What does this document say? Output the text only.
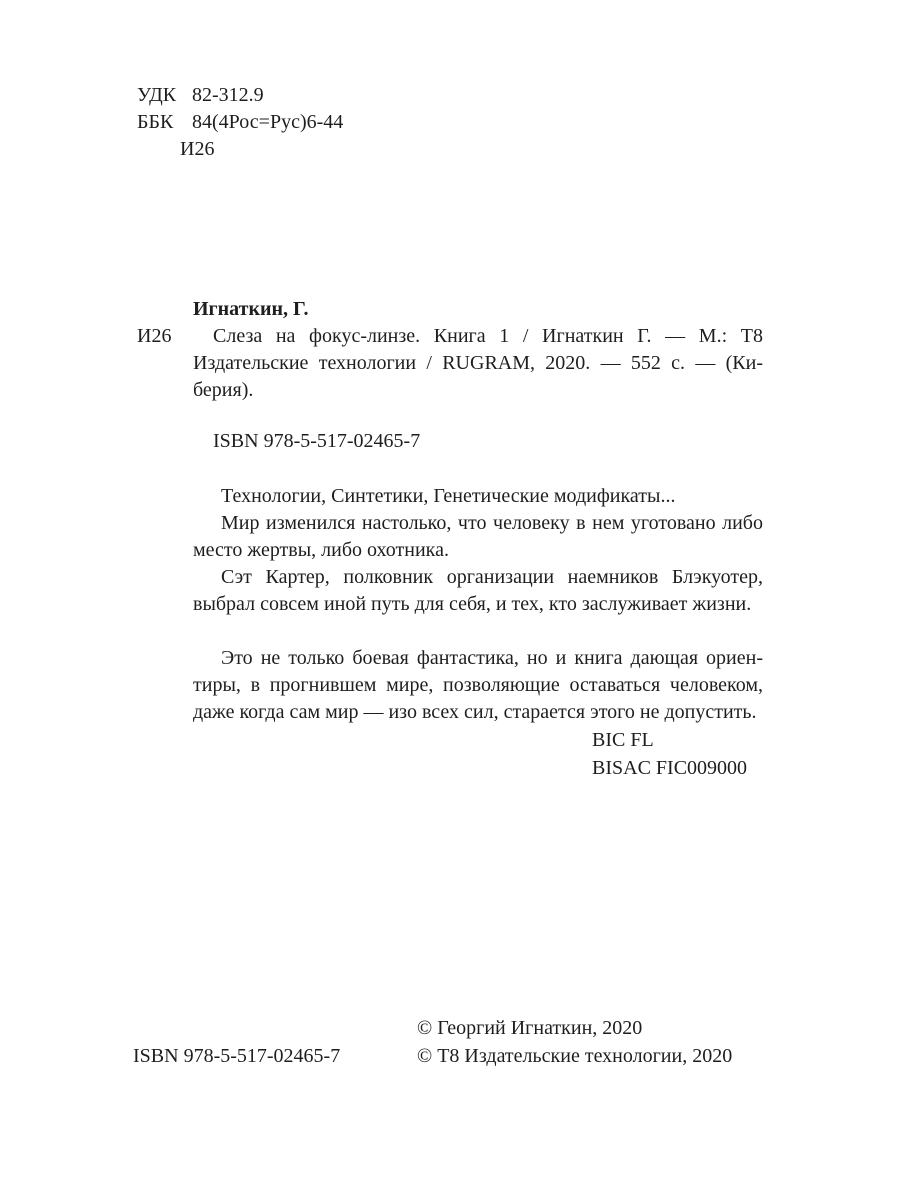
УДК 82-312.9
ББК 84(4Рос=Рус)6-44
И26

Игнаткин, Г.

И26 Слеза на фокус-линзе. Книга 1 / Игнаткин Г. — М.: Т8 Издательские технологии / RUGRAM, 2020. — 552 с. — (Киберия).

ISBN 978-5-517-02465-7

Технологии, Синтетики, Генетические модификаты...

Мир изменился настолько, что человеку в нем уготовано либо место жертвы, либо охотника.

Сэт Картер, полковник организации наемников Блэкуотер, выбрал совсем иной путь для себя, и тех, кто заслуживает жизни.

Это не только боевая фантастика, но и книга дающая ориентиры, в прогнившем мире, позволяющие оставаться человеком, даже когда сам мир — изо всех сил, старается этого не допустить.

BIC FL
BISAC FIC009000
ISBN 978-5-517-02465-7
© Георгий Игнаткин, 2020
© Т8 Издательские технологии, 2020
